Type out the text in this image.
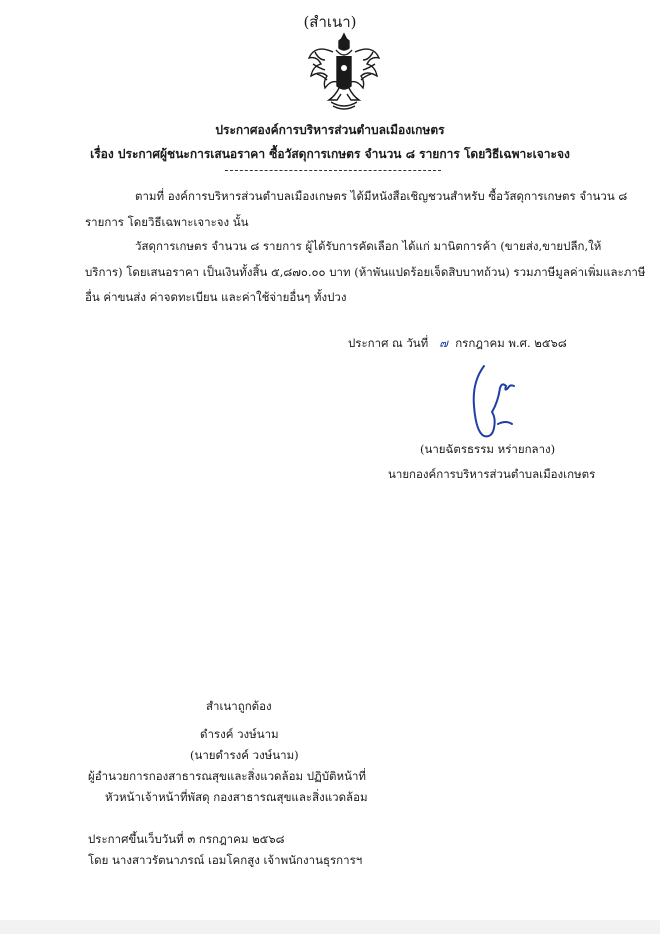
(สำเนา)
ประกาศองค์การบริหารส่วนตำบลเมืองเกษตร
เรื่อง ประกาศผู้ชนะการเสนอราคา ซื้อวัสดุการเกษตร จำนวน ๘ รายการ โดยวิธีเฉพาะเจาะจง
ตามที่ องค์การบริหารส่วนตำบลเมืองเกษตร ได้มีหนังสือเชิญชวนสำหรับ ซื้อวัสดุการเกษตร จำนวน ๘
รายการ โดยวิธีเฉพาะเจาะจง นั้น
วัสดุการเกษตร จำนวน ๘ รายการ ผู้ได้รับการคัดเลือก ได้แก่ มานิตการค้า (ขายส่ง,ขายปลีก,ให้
บริการ) โดยเสนอราคา เป็นเงินทั้งสิ้น ๕,๘๗๐.๐๐ บาท (ห้าพันแปดร้อยเจ็ดสิบบาทถ้วน) รวมภาษีมูลค่าเพิ่มและภาษี
อื่น ค่าขนส่ง ค่าจดทะเบียน และค่าใช้จ่ายอื่นๆ ทั้งปวง
ประกาศ ณ วันที่ ๗ กรกฎาคม พ.ศ. ๒๕๖๘
(นายฉัตรธรรม หร่ายกลาง)
นายกองค์การบริหารส่วนตำบลเมืองเกษตร
สำเนาถูกต้อง
ดำรงค์ วงษ์นาม
(นายดำรงค์ วงษ์นาม)
ผู้อำนวยการกองสาธารณสุขและสิ่งแวดล้อม ปฏิบัติหน้าที่
หัวหน้าเจ้าหน้าที่พัสดุ กองสาธารณสุขและสิ่งแวดล้อม
ประกาศขึ้นเว็บวันที่ ๓ กรกฎาคม ๒๕๖๘
โดย นางสาวรัตนาภรณ์ เอมโคกสูง เจ้าพนักงานธุรการฯ
